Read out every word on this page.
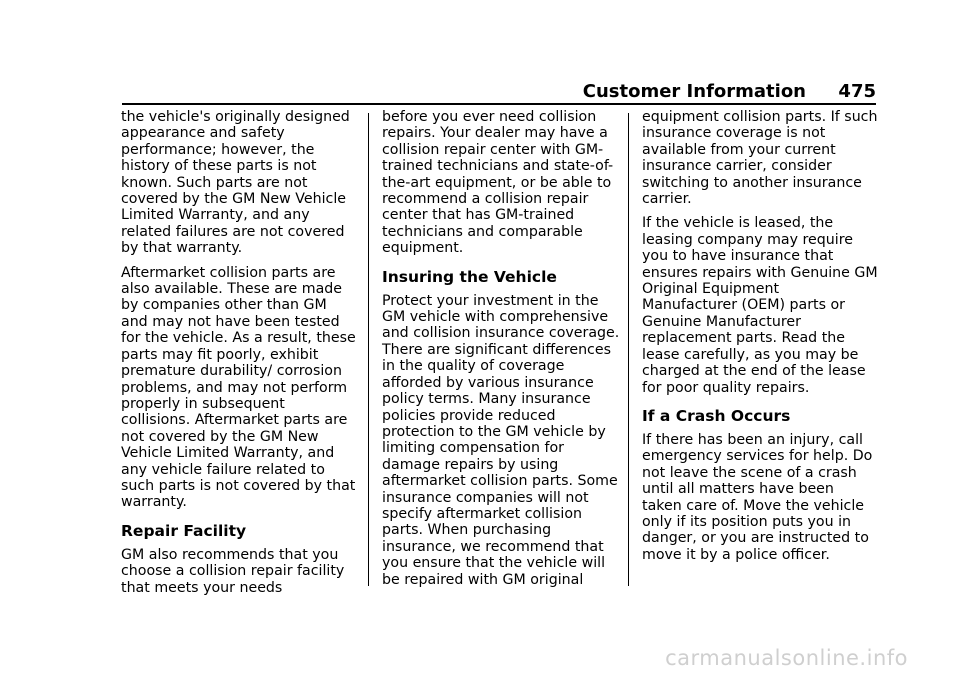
Customer Information 475

the vehicle's originally designed appearance and safety performance; however, the history of these parts is not known. Such parts are not covered by the GM New Vehicle Limited Warranty, and any related failures are not covered by that warranty.

Aftermarket collision parts are also available. These are made by companies other than GM and may not have been tested for the vehicle. As a result, these parts may fit poorly, exhibit premature durability/ corrosion problems, and may not perform properly in subsequent collisions. Aftermarket parts are not covered by the GM New Vehicle Limited Warranty, and any vehicle failure related to such parts is not covered by that warranty.

Repair Facility

GM also recommends that you choose a collision repair facility that meets your needs

before you ever need collision repairs. Your dealer may have a collision repair center with GM-trained technicians and state-of-the-art equipment, or be able to recommend a collision repair center that has GM-trained technicians and comparable equipment.

Insuring the Vehicle

Protect your investment in the GM vehicle with comprehensive and collision insurance coverage. There are significant differences in the quality of coverage afforded by various insurance policy terms. Many insurance policies provide reduced protection to the GM vehicle by limiting compensation for damage repairs by using aftermarket collision parts. Some insurance companies will not specify aftermarket collision parts. When purchasing insurance, we recommend that you ensure that the vehicle will be repaired with GM original

equipment collision parts. If such insurance coverage is not available from your current insurance carrier, consider switching to another insurance carrier.

If the vehicle is leased, the leasing company may require you to have insurance that ensures repairs with Genuine GM Original Equipment Manufacturer (OEM) parts or Genuine Manufacturer replacement parts. Read the lease carefully, as you may be charged at the end of the lease for poor quality repairs.

If a Crash Occurs

If there has been an injury, call emergency services for help. Do not leave the scene of a crash until all matters have been taken care of. Move the vehicle only if its position puts you in danger, or you are instructed to move it by a police officer.

carmanualsonline.info
